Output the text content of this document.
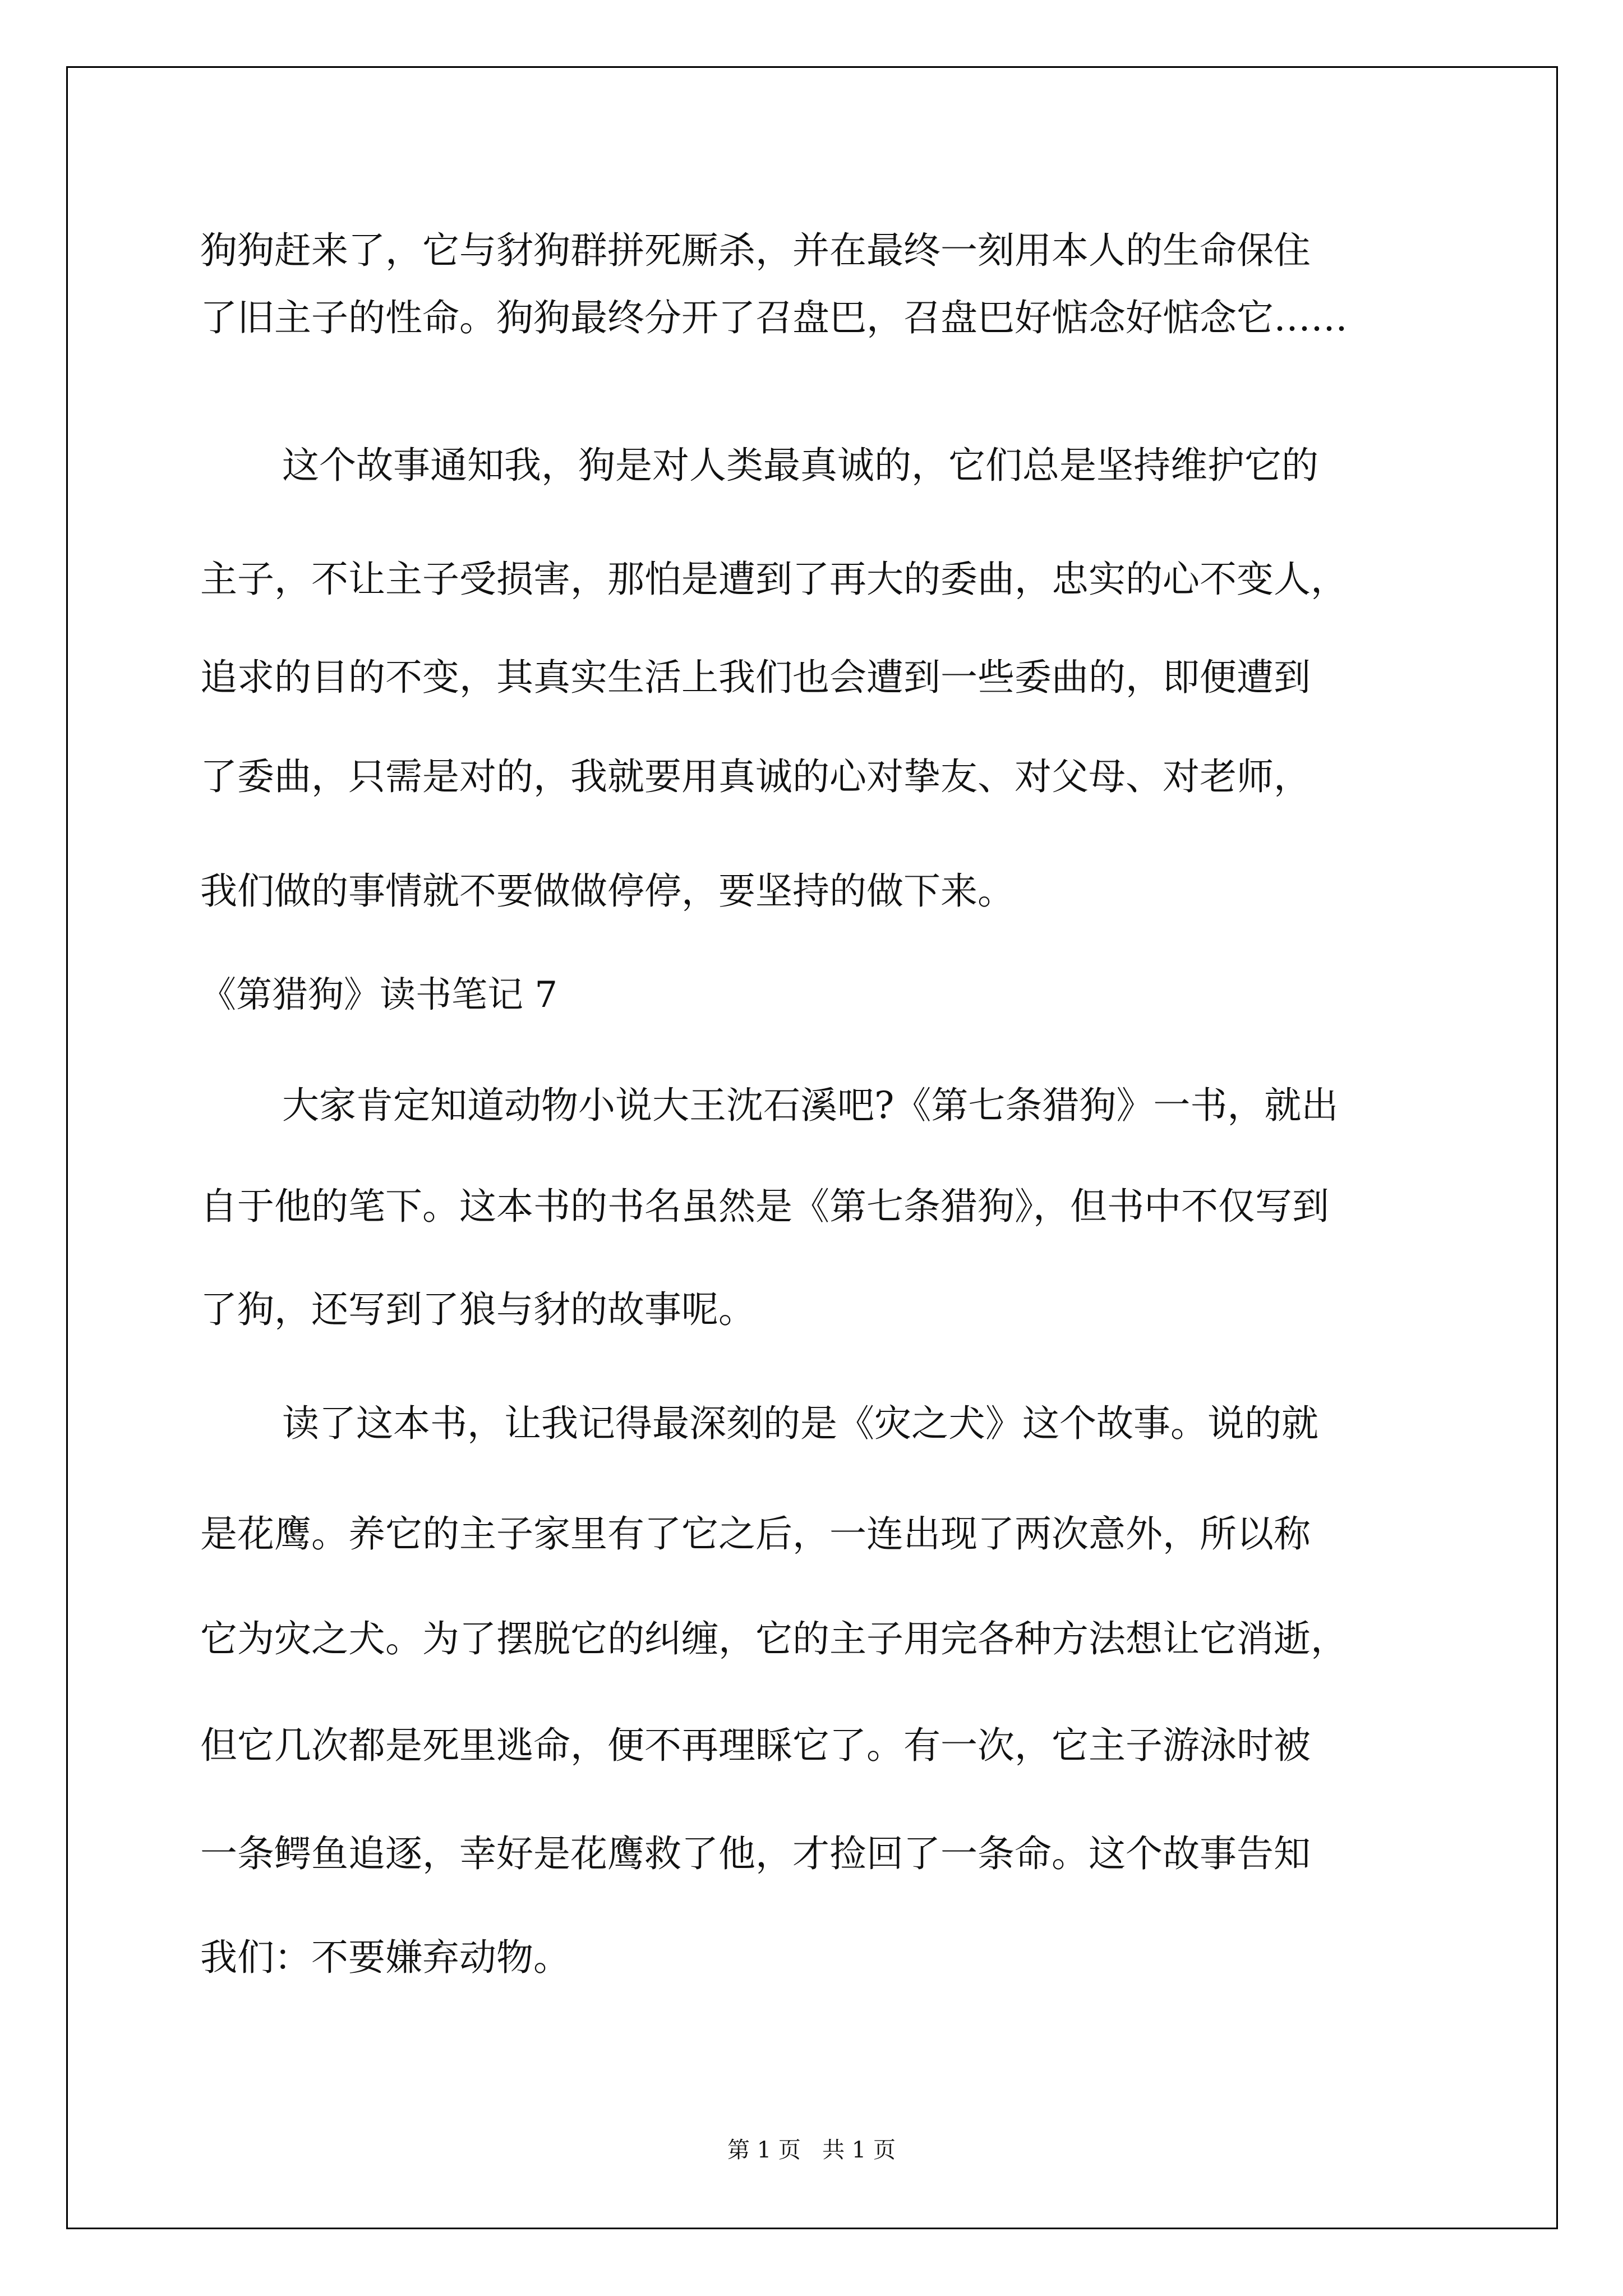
狗狗赶来了，它与豺狗群拼死厮杀，并在最终一刻用本人的生命保住
了旧主子的性命。狗狗最终分开了召盘巴，召盘巴好惦念好惦念它……
这个故事通知我，狗是对人类最真诚的，它们总是坚持维护它的
主子，不让主子受损害，那怕是遭到了再大的委曲，忠实的心不变人，
追求的目的不变，其真实生活上我们也会遭到一些委曲的，即便遭到
了委曲，只需是对的，我就要用真诚的心对挚友、对父母、对老师，
我们做的事情就不要做做停停，要坚持的做下来。
《第猎狗》读书笔记 7
大家肯定知道动物小说大王沈石溪吧?《第七条猎狗》一书，就出
自于他的笔下。这本书的书名虽然是《第七条猎狗》，但书中不仅写到
了狗，还写到了狼与豺的故事呢。
读了这本书，让我记得最深刻的是《灾之犬》这个故事。说的就
是花鹰。养它的主子家里有了它之后，一连出现了两次意外，所以称
它为灾之犬。为了摆脱它的纠缠，它的主子用完各种方法想让它消逝，
但它几次都是死里逃命，便不再理睬它了。有一次，它主子游泳时被
一条鳄鱼追逐，幸好是花鹰救了他，才捡回了一条命。这个故事告知
我们：不要嫌弃动物。
第 1 页   共 1 页
